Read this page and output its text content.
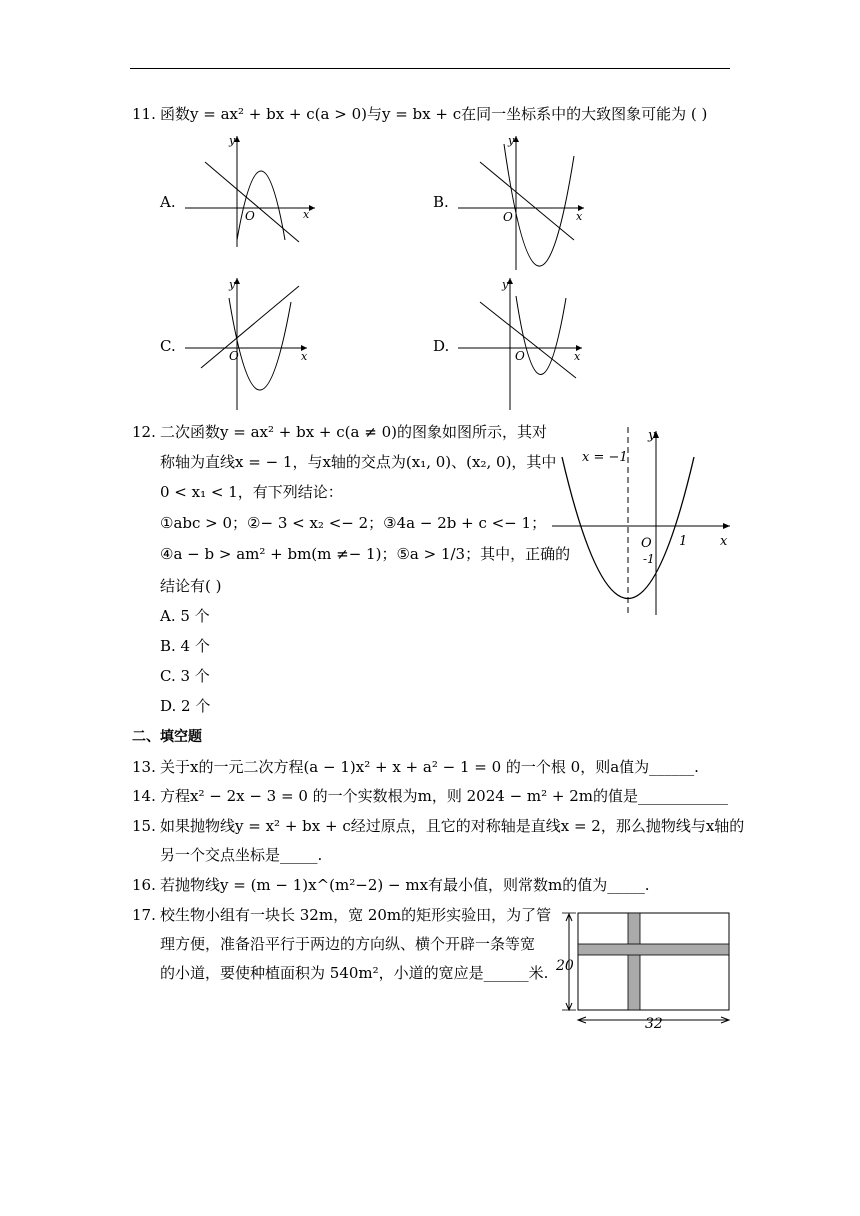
11. 函数y = ax² + bx + c(a > 0)与y = bx + c在同一坐标系中的大致图象可能为 ( )
A.	B.
C.	D.
y
x
O
y
x
O
y
x
O
y
x
O
12. 二次函数y = ax² + bx + c(a ≠ 0)的图象如图所示，其对
称轴为直线x = − 1，与x轴的交点为(x₁, 0)、(x₂, 0)，其中
0 < x₁ < 1，有下列结论：
①abc > 0；②− 3 < x₂ <− 2；③4a − 2b + c <− 1；
④a − b > am² + bm(m ≠− 1)；⑤a > 1/3；其中，正确的
结论有( )
A. 5 个
B. 4 个
C. 3 个
D. 2 个
y
x
O 1
-1
x = −1
二、填空题
13. 关于x的一元二次方程(a − 1)x² + x + a² − 1 = 0 的一个根 0，则a值为______.
14. 方程x² − 2x − 3 = 0 的一个实数根为m，则 2024 − m² + 2m的值是____________
15. 如果抛物线y = x² + bx + c经过原点，且它的对称轴是直线x = 2，那么抛物线与x轴的
另一个交点坐标是_____.
16. 若抛物线y = (m − 1)x^(m²−2) − mx有最小值，则常数m的值为_____.
17. 校生物小组有一块长 32m，宽 20m的矩形实验田，为了管
理方便，准备沿平行于两边的方向纵、横个开辟一条等宽
的小道，要使种植面积为 540m²，小道的宽应是______米. 20
32
